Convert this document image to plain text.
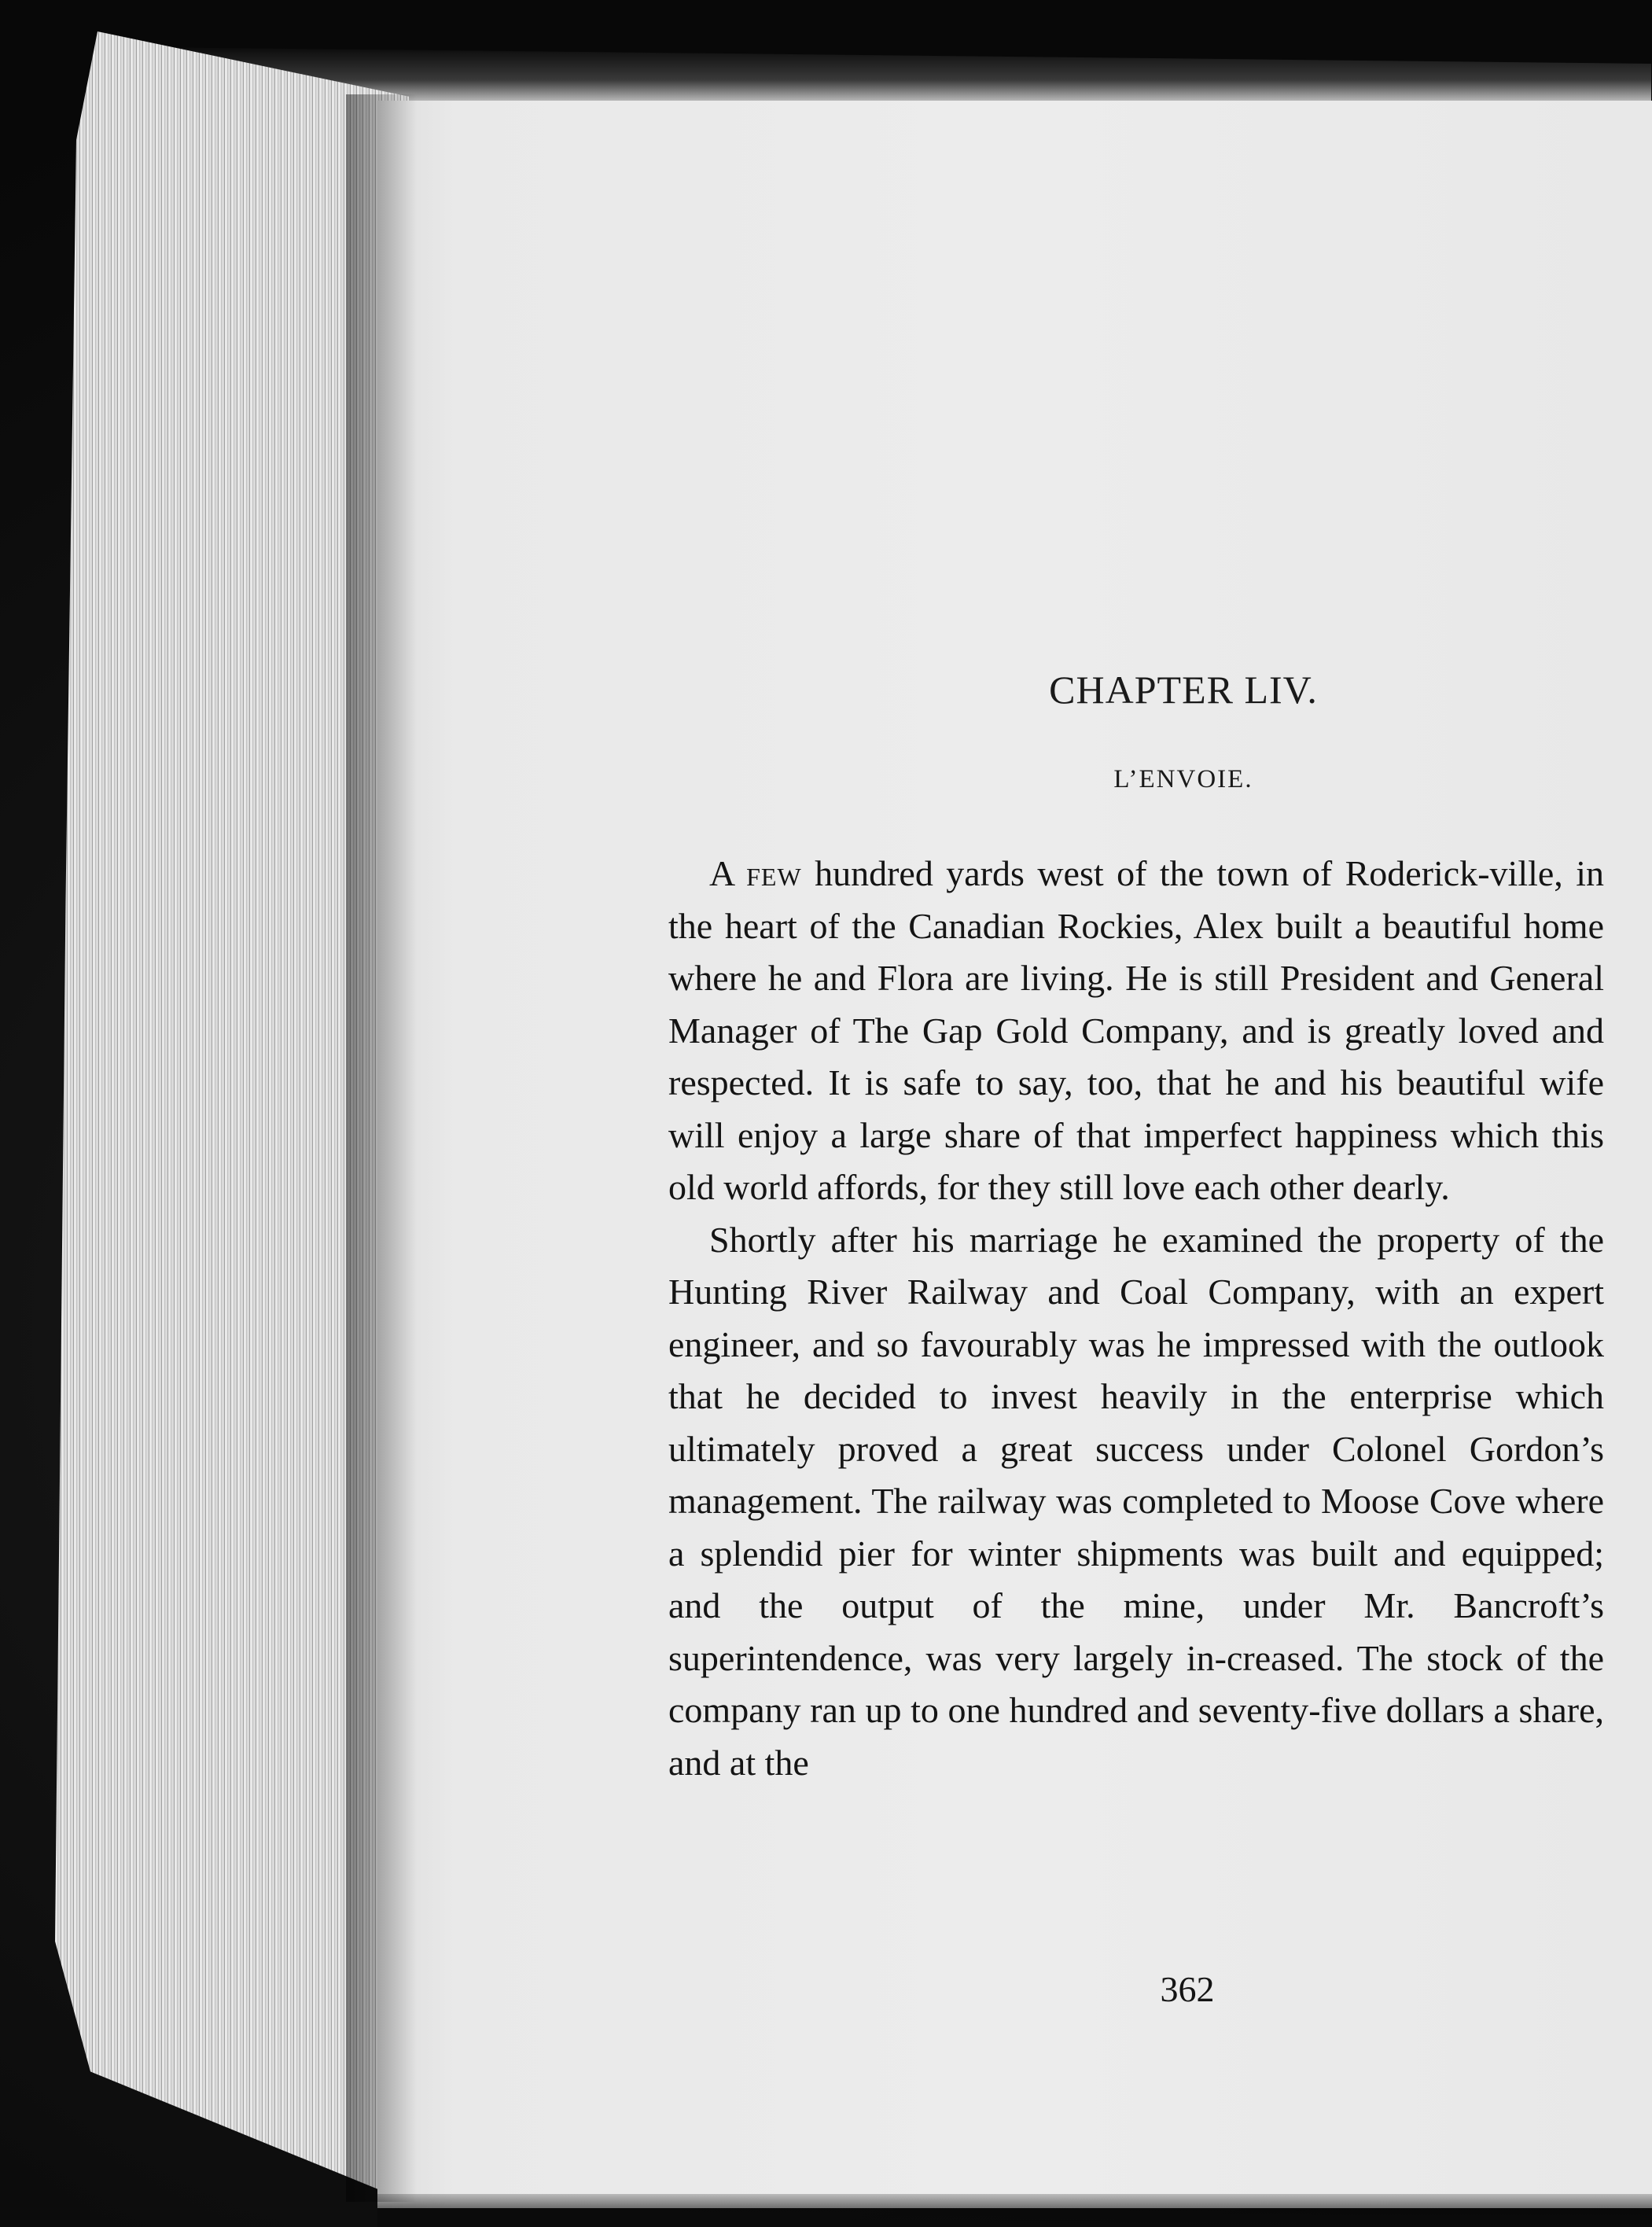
CHAPTER LIV.
L’ENVOIE.

A few hundred yards west of the town of Roderick-ville, in the heart of the Canadian Rockies, Alex built a beautiful home where he and Flora are living. He is still President and General Manager of The Gap Gold Company, and is greatly loved and respected. It is safe to say, too, that he and his beautiful wife will enjoy a large share of that imperfect happiness which this old world affords, for they still love each other dearly.

Shortly after his marriage he examined the property of the Hunting River Railway and Coal Company, with an expert engineer, and so favourably was he impressed with the outlook that he decided to invest heavily in the enterprise which ultimately proved a great success under Colonel Gordon’s management. The railway was completed to Moose Cove where a splendid pier for winter shipments was built and equipped; and the output of the mine, under Mr. Bancroft’s superintendence, was very largely in-creased. The stock of the company ran up to one hundred and seventy-five dollars a share, and at the

362
